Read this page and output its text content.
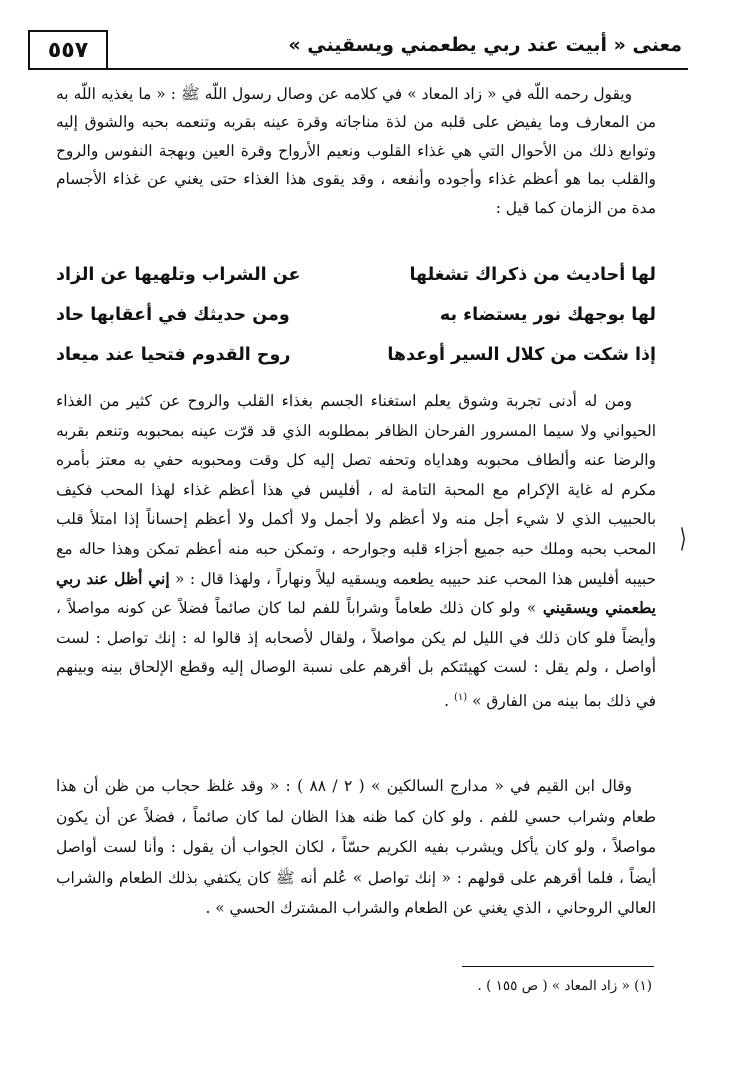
٥٥٧	معنى « أبيت عند ربي يطعمني ويسقيني »

ويقول رحمه اللّه في « زاد المعاد » في كلامه عن وصال رسول اللّه ﷺ : « ما يغذيه اللّه به من المعارف وما يفيض على قلبه من لذة مناجاته وقرة عينه بقربه وتنعمه بحبه والشوق إليه وتوابع ذلك من الأحوال التي هي غذاء القلوب ونعيم الأرواح وقرة العين وبهجة النفوس والروح والقلب بما هو أعظم غذاء وأجوده وأنفعه ، وقد يقوى هذا الغذاء حتى يغني عن غذاء الأجسام مدة من الزمان كما قيل :

لها أحاديث من ذكراك تشغلها
عن الشراب وتلهيها عن الزاد
لها بوجهك نور يستضاء به
ومن حديثك في أعقابها حاد
إذا شكت من كلال السير أوعدها
روح القدوم فتحيا عند ميعاد

ومن له أدنى تجربة وشوق يعلم استغناء الجسم بغذاء القلب والروح عن كثير من الغذاء الحيواني ولا سيما المسرور الفرحان الظافر بمطلوبه الذي قد قرّت عينه بمحبوبه وتنعم بقربه والرضا عنه وألطاف محبوبه وهداياه وتحفه تصل إليه كل وقت ومحبوبه حفي به معتز بأمره مكرم له غاية الإكرام مع المحبة التامة له ، أفليس في هذا أعظم غذاء لهذا المحب فكيف بالحبيب الذي لا شيء أجل منه ولا أعظم ولا أجمل ولا أكمل ولا أعظم إحساناً إذا امتلأ قلب المحب بحبه وملك حبه جميع أجزاء قلبه وجوارحه ، وتمكن حبه منه أعظم تمكن وهذا حاله مع حبيبه أفليس هذا المحب عند حبيبه يطعمه ويسقيه ليلاً ونهاراً ، ولهذا قال : « إني أظل عند ربي يطعمني ويسقيني » ولو كان ذلك طعاماً وشراباً للفم لما كان صائماً فضلاً عن كونه مواصلاً ، وأيضاً فلو كان ذلك في الليل لم يكن مواصلاً ، ولقال لأصحابه إذ قالوا له : إنك تواصل : لست أواصل ، ولم يقل : لست كهيئتكم بل أقرهم على نسبة الوصال إليه وقطع الإلحاق بينه وبينهم في ذلك بما بينه من الفارق » $^{(١)}$ .

⟩

وقال ابن القيم في « مدارج السالكين » ( ٢ / ٨٨ ) : « وقد غلظ حجاب من ظن أن هذا طعام وشراب حسي للفم . ولو كان كما ظنه هذا الظان لما كان صائماً ، فضلاً عن أن يكون مواصلاً ، ولو كان يأكل ويشرب بفيه الكريم حسّاً ، لكان الجواب أن يقول : وأنا لست أواصل أيضاً ، فلما أقرهم على قولهم : « إنك تواصل » عُلم أنه ﷺ كان يكتفي بذلك الطعام والشراب العالي الروحاني ، الذي يغني عن الطعام والشراب المشترك الحسي » .

(١) « زاد المعاد » ( ص ١٥٥ ) .
